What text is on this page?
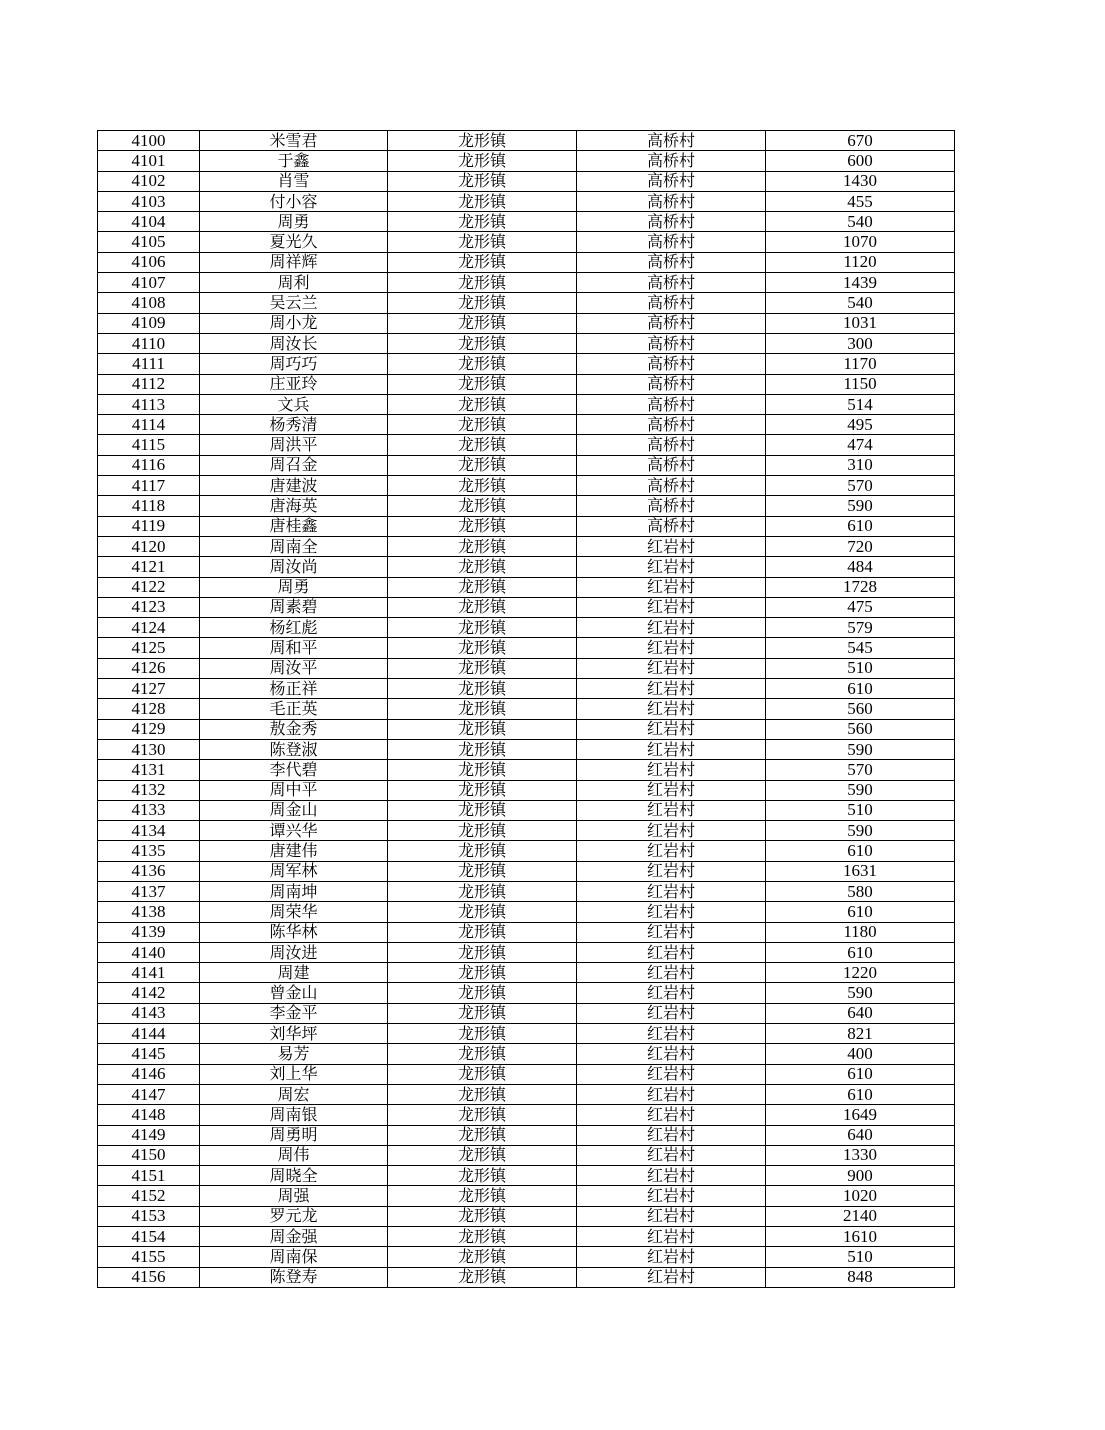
4100	米雪君	龙形镇	高桥村	670
4101	于鑫	龙形镇	高桥村	600
4102	肖雪	龙形镇	高桥村	1430
4103	付小容	龙形镇	高桥村	455
4104	周勇	龙形镇	高桥村	540
4105	夏光久	龙形镇	高桥村	1070
4106	周祥辉	龙形镇	高桥村	1120
4107	周利	龙形镇	高桥村	1439
4108	吴云兰	龙形镇	高桥村	540
4109	周小龙	龙形镇	高桥村	1031
4110	周汝长	龙形镇	高桥村	300
4111	周巧巧	龙形镇	高桥村	1170
4112	庄亚玲	龙形镇	高桥村	1150
4113	文兵	龙形镇	高桥村	514
4114	杨秀清	龙形镇	高桥村	495
4115	周洪平	龙形镇	高桥村	474
4116	周召金	龙形镇	高桥村	310
4117	唐建波	龙形镇	高桥村	570
4118	唐海英	龙形镇	高桥村	590
4119	唐桂鑫	龙形镇	高桥村	610
4120	周南全	龙形镇	红岩村	720
4121	周汝尚	龙形镇	红岩村	484
4122	周勇	龙形镇	红岩村	1728
4123	周素碧	龙形镇	红岩村	475
4124	杨红彪	龙形镇	红岩村	579
4125	周和平	龙形镇	红岩村	545
4126	周汝平	龙形镇	红岩村	510
4127	杨正祥	龙形镇	红岩村	610
4128	毛正英	龙形镇	红岩村	560
4129	敖金秀	龙形镇	红岩村	560
4130	陈登淑	龙形镇	红岩村	590
4131	李代碧	龙形镇	红岩村	570
4132	周中平	龙形镇	红岩村	590
4133	周金山	龙形镇	红岩村	510
4134	谭兴华	龙形镇	红岩村	590
4135	唐建伟	龙形镇	红岩村	610
4136	周军林	龙形镇	红岩村	1631
4137	周南坤	龙形镇	红岩村	580
4138	周荣华	龙形镇	红岩村	610
4139	陈华林	龙形镇	红岩村	1180
4140	周汝进	龙形镇	红岩村	610
4141	周建	龙形镇	红岩村	1220
4142	曾金山	龙形镇	红岩村	590
4143	李金平	龙形镇	红岩村	640
4144	刘华坪	龙形镇	红岩村	821
4145	易芳	龙形镇	红岩村	400
4146	刘上华	龙形镇	红岩村	610
4147	周宏	龙形镇	红岩村	610
4148	周南银	龙形镇	红岩村	1649
4149	周勇明	龙形镇	红岩村	640
4150	周伟	龙形镇	红岩村	1330
4151	周晓全	龙形镇	红岩村	900
4152	周强	龙形镇	红岩村	1020
4153	罗元龙	龙形镇	红岩村	2140
4154	周金强	龙形镇	红岩村	1610
4155	周南保	龙形镇	红岩村	510
4156	陈登寿	龙形镇	红岩村	848
